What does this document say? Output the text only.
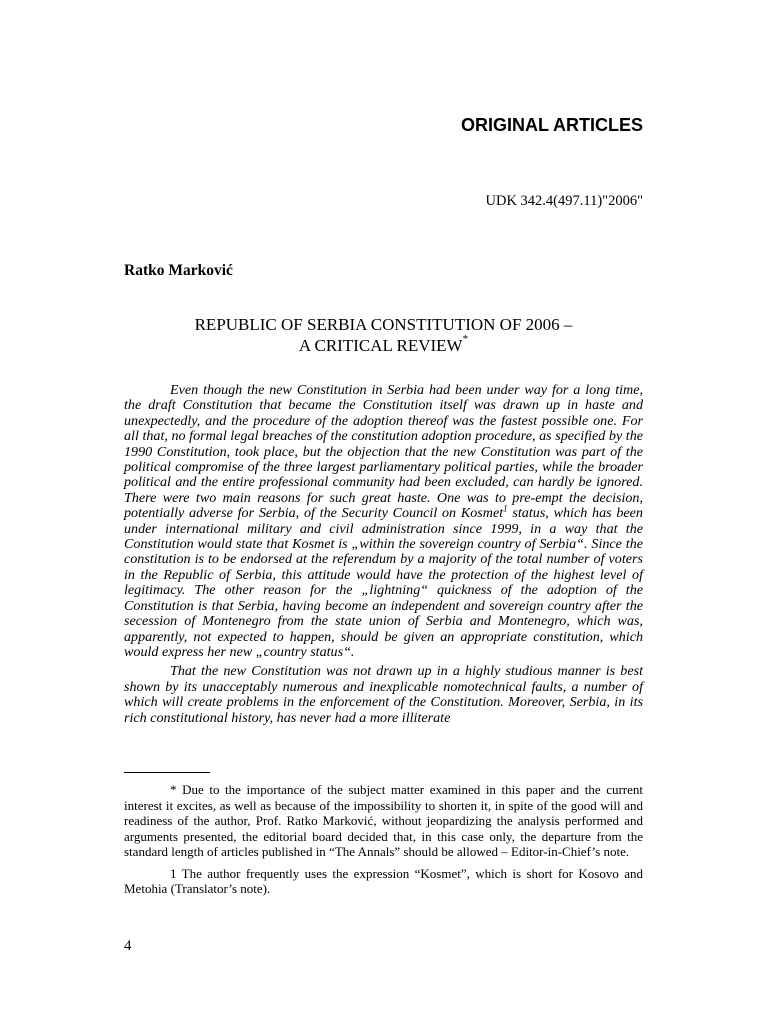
ORIGINAL ARTICLES

UDK 342.4(497.11)"2006"

Ratko Marković

REPUBLIC OF SERBIA CONSTITUTION OF 2006 –
A CRITICAL REVIEW*

Even though the new Constitution in Serbia had been under way for a long time, the draft Constitution that became the Constitution itself was drawn up in haste and unexpectedly, and the procedure of the adoption thereof was the fastest possible one. For all that, no formal legal breaches of the constitution adoption procedure, as specified by the 1990 Constitution, took place, but the objection that the new Constitution was part of the political compromise of the three largest parliamentary political parties, while the broader political and the entire professional community had been excluded, can hardly be ignored. There were two main reasons for such great haste. One was to pre-empt the decision, potentially adverse for Serbia, of the Security Council on Kosmet$^1$ status, which has been under international military and civil administration since 1999, in a way that the Constitution would state that Kosmet is „within the sovereign country of Serbia“. Since the constitution is to be endorsed at the referendum by a majority of the total number of voters in the Republic of Serbia, this attitude would have the protection of the highest level of legitimacy. The other reason for the „lightning“ quickness of the adoption of the Constitution is that Serbia, having become an independent and sovereign country after the secession of Montenegro from the state union of Serbia and Montenegro, which was, apparently, not expected to happen, should be given an appropriate constitution, which would express her new „country status“.

That the new Constitution was not drawn up in a highly studious manner is best shown by its unacceptably numerous and inexplicable nomotechnical faults, a number of which will create problems in the enforcement of the Constitution. Moreover, Serbia, in its rich constitutional history, has never had a more illiterate

* Due to the importance of the subject matter examined in this paper and the current interest it excites, as well as because of the impossibility to shorten it, in spite of the good will and readiness of the author, Prof. Ratko Marković, without jeopardizing the analysis performed and arguments presented, the editorial board decided that, in this case only, the departure from the standard length of articles published in “The Annals” should be allowed – Editor-in-Chief’s note.

1 The author frequently uses the expression “Kosmet”, which is short for Kosovo and Metohia (Translator’s note).

4
